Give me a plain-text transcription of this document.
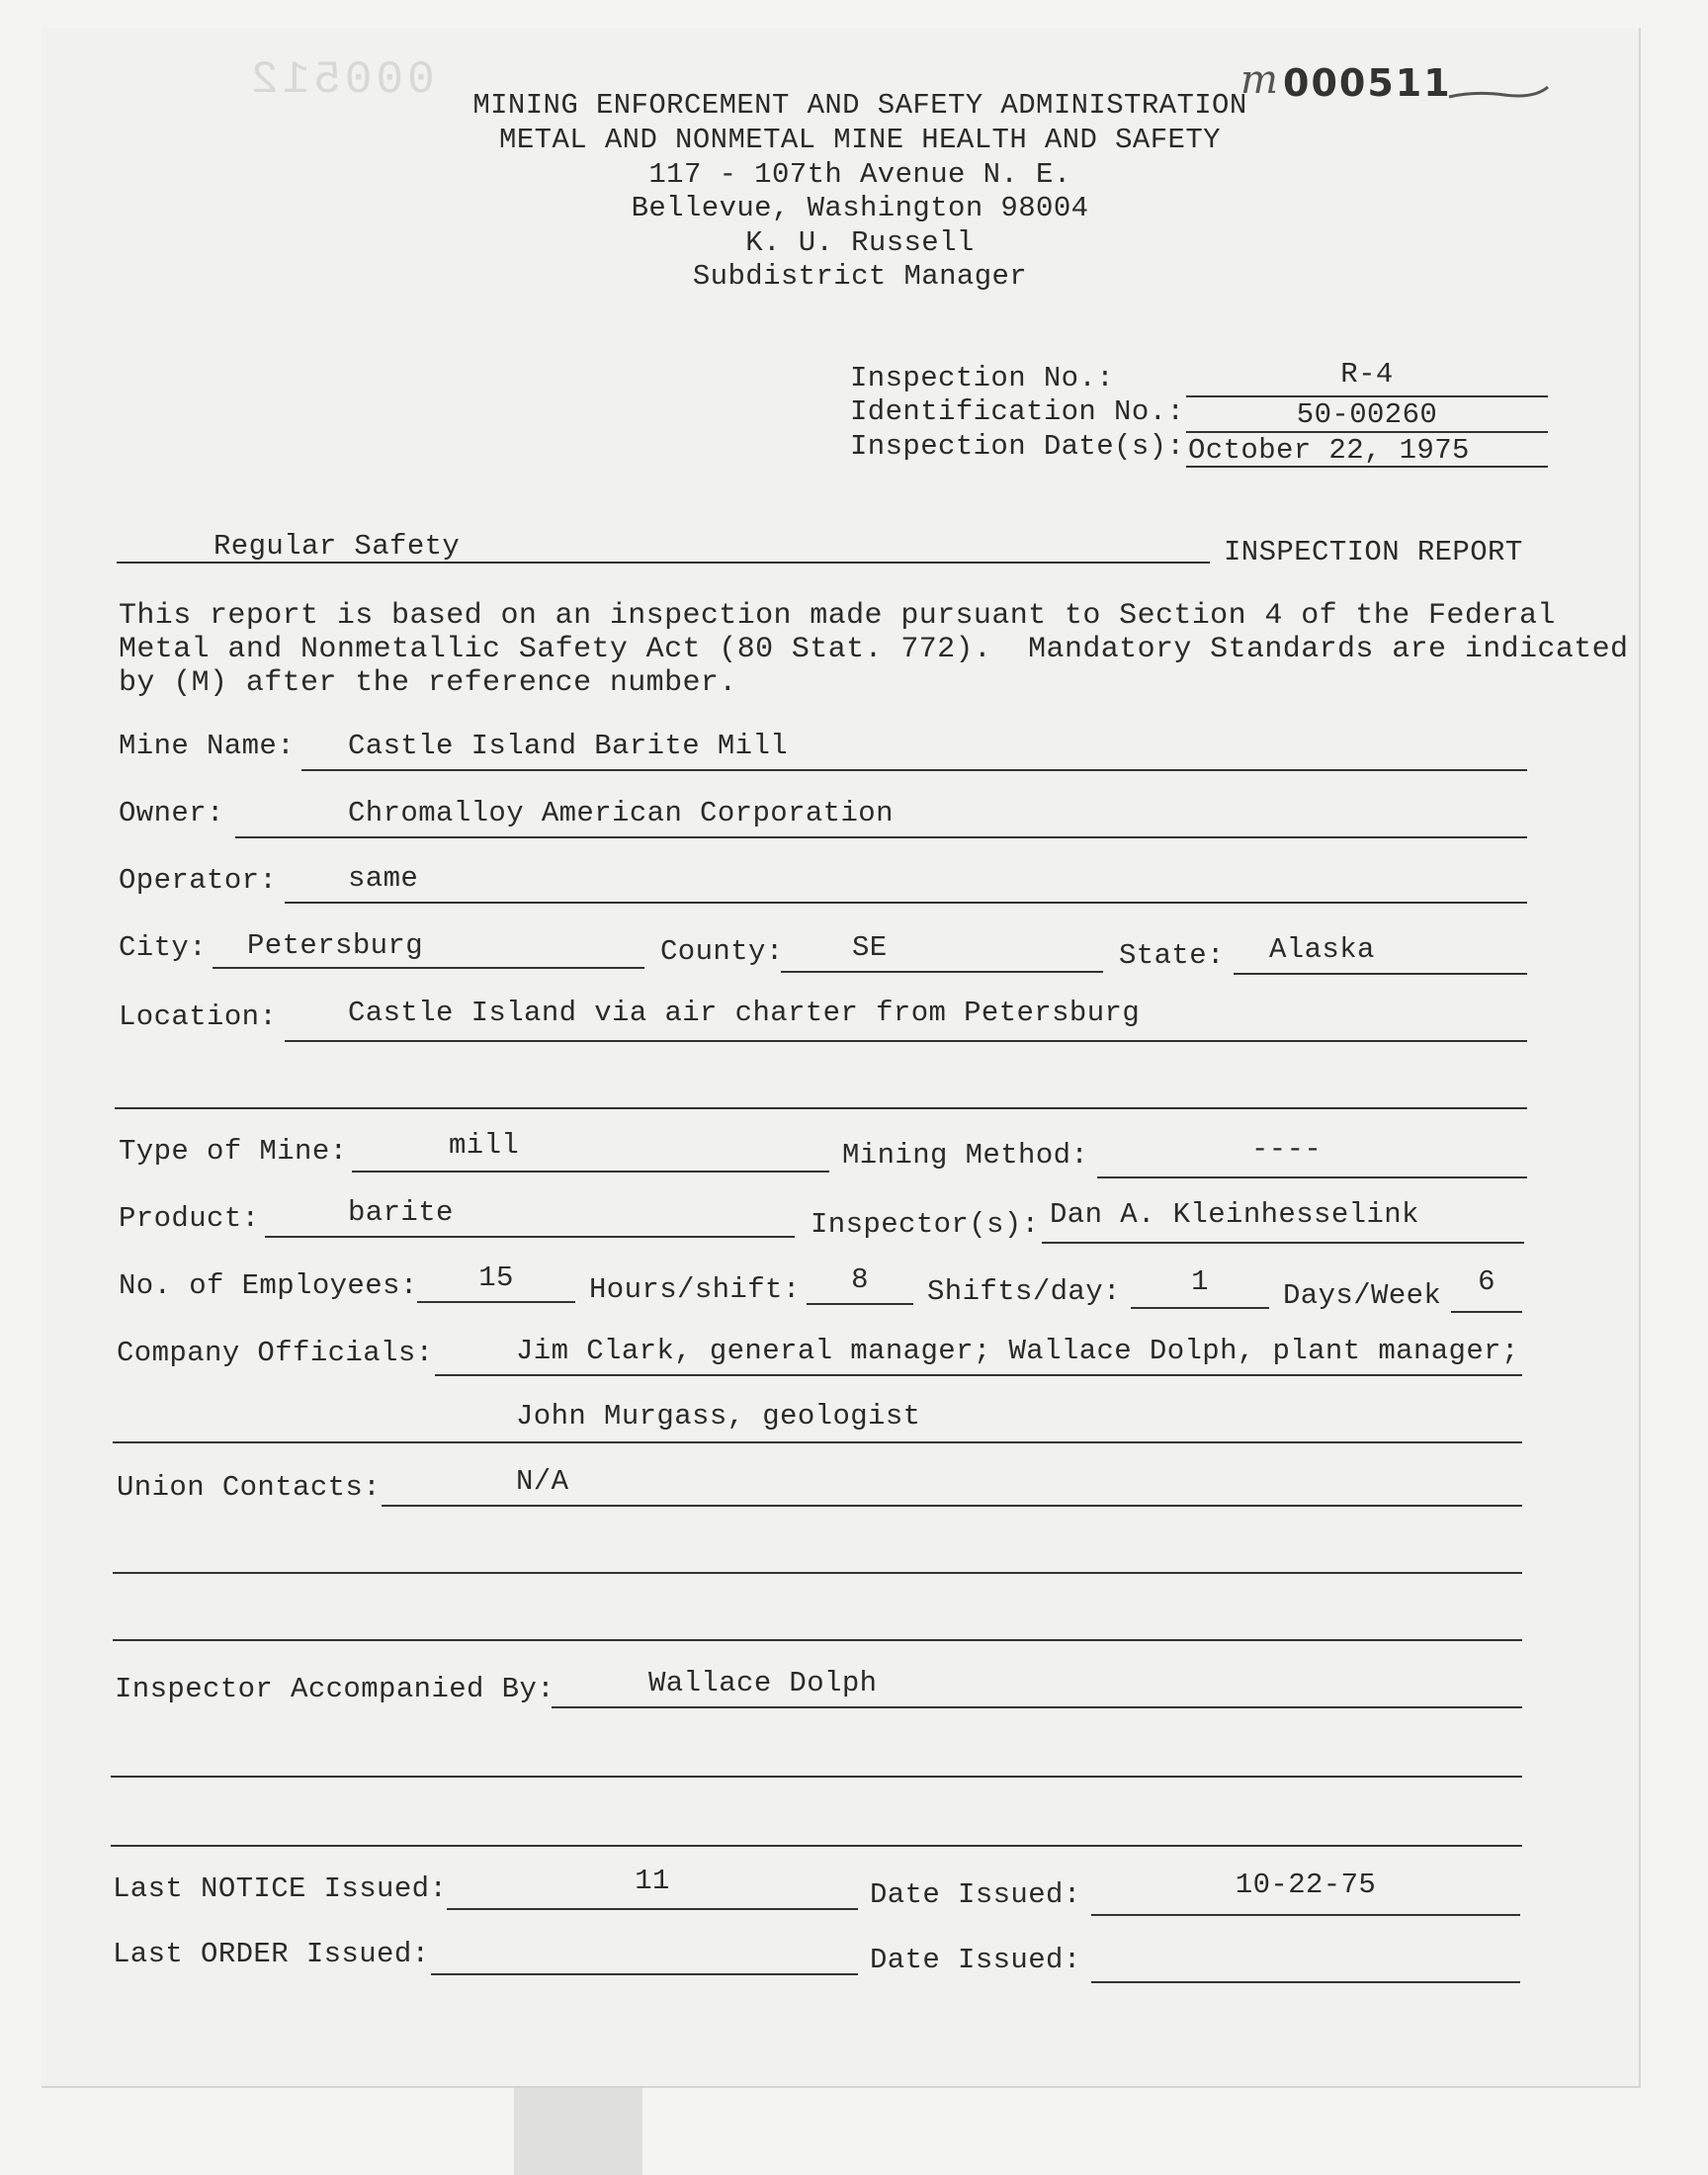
000512	m 000511
MINING ENFORCEMENT AND SAFETY ADMINISTRATION
METAL AND NONMETAL MINE HEALTH AND SAFETY
117 - 107th Avenue N. E.
Bellevue, Washington 98004
K. U. Russell
Subdistrict Manager
Inspection No.:	R-4
Identification No.:	50-00260
Inspection Date(s): October 22, 1975
Regular Safety	INSPECTION REPORT
This report is based on an inspection made pursuant to Section 4 of the Federal
Metal and Nonmetallic Safety Act (80 Stat. 772).  Mandatory Standards are indicated
by (M) after the reference number.
Mine Name: Castle Island Barite Mill
Owner:	Chromalloy American Corporation
Operator: same
City: Petersburg	County: SE	State: Alaska
Location: Castle Island via air charter from Petersburg
Type of Mine:	mill	Mining Method:	----
Product:	barite	Inspector(s): Dan A. Kleinhesselink
No. of Employees:	15	Hours/shift:	8	Shifts/day:	1	Days/Week	6
Company Officials:	Jim Clark, general manager; Wallace Dolph, plant manager;
John Murgass, geologist
Union Contacts:	N/A
Inspector Accompanied By:	Wallace Dolph
Last NOTICE Issued:	11	Date Issued:	10-22-75
Last ORDER Issued:	Date Issued:
